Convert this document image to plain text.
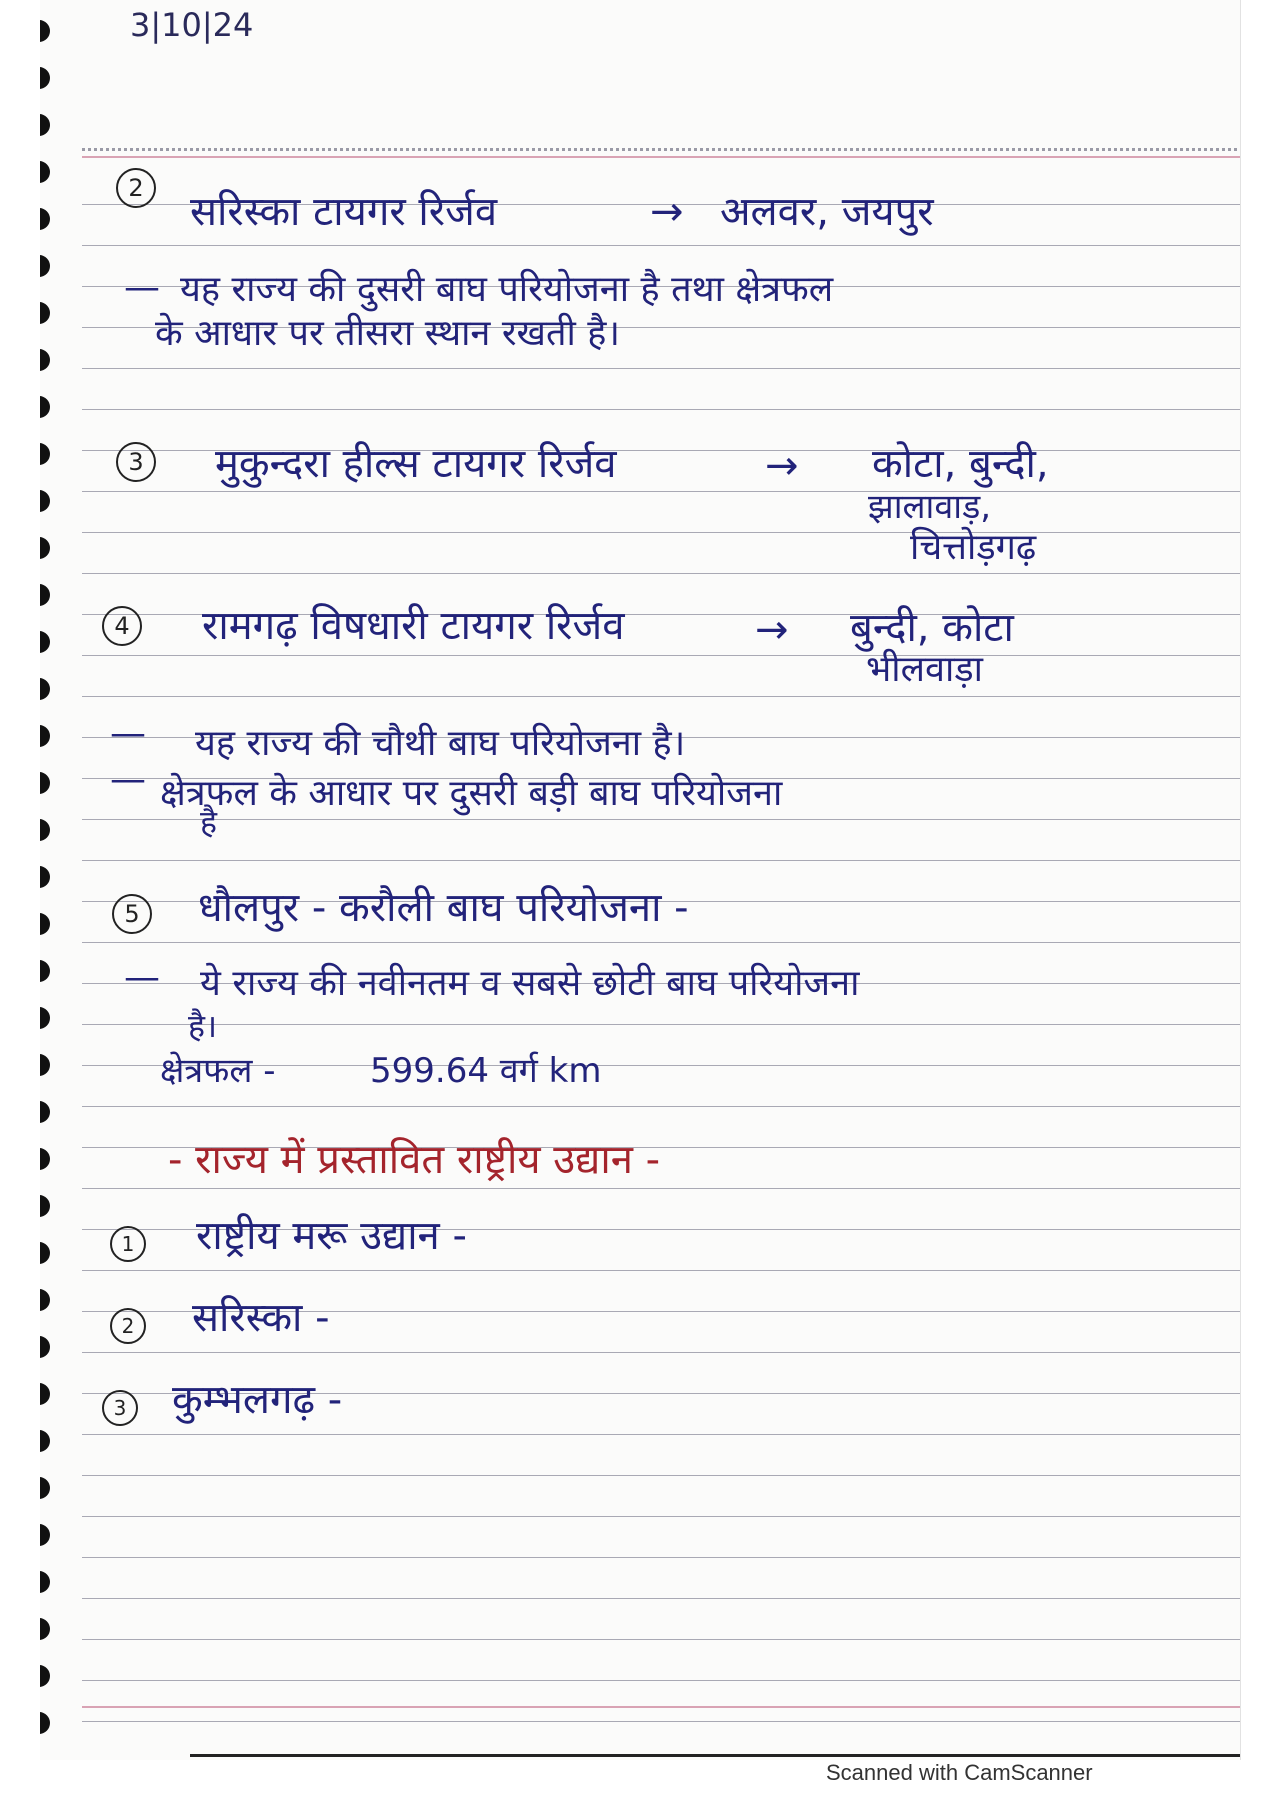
3|10|24
2
सरिस्का टायगर रिर्जव	→ अलवर, जयपुर
— यह राज्य की दुसरी बाघ परियोजना है तथा क्षेत्रफल
के आधार पर तीसरा स्थान रखती है।
3	मुकुन्दरा हील्स टायगर रिर्जव	→ कोटा, बुन्दी,
झालावाड़,
चित्तोड़गढ़
4	रामगढ़ विषधारी टायगर रिर्जव	→ बुन्दी, कोटा
भीलवाड़ा
—
—
यह राज्य की चौथी बाघ परियोजना है।
क्षेत्रफल के आधार पर दुसरी बड़ी बाघ परियोजना
है
5	धौलपुर - करौली बाघ परियोजना -
— ये राज्य की नवीनतम व सबसे छोटी बाघ परियोजना
है।
क्षेत्रफल -	599.64 वर्ग km
- राज्य में प्रस्तावित राष्ट्रीय उद्यान -
1 राष्ट्रीय मरू उद्यान -
2 सरिस्का -
3 कुम्भलगढ़ -
Scanned with CamScanner
